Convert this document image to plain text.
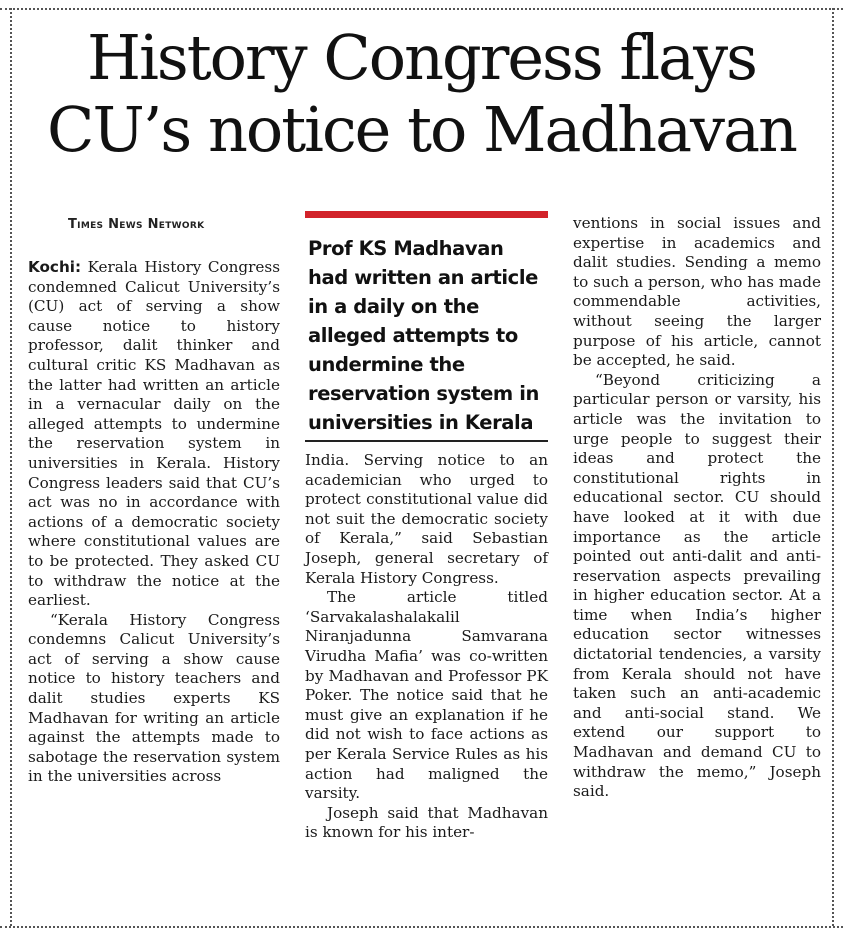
History Congress flays
CU’s notice to Madhavan
Times News Network

Kochi: Kerala History Congress condemned Calicut University’s (CU) act of serving a show cause notice to history professor, dalit thinker and cultural critic KS Madhavan as the latter had written an article in a vernacular daily on the alleged attempts to undermine the reservation system in universities in Kerala. History Congress leaders said that CU’s act was no in accordance with actions of a democratic society where constitutional values are to be protected. They asked CU to withdraw the notice at the earliest.

“Kerala History Congress condemns Calicut University’s act of serving a show cause notice to history teachers and dalit studies experts KS Madhavan for writing an article against the attempts made to sabotage the reservation system in the universities across

Prof KS Madhavan had written an article in a daily on the alleged attempts to undermine the reservation system in universities in Kerala

India. Serving notice to an academician who urged to protect constitutional value did not suit the democratic society of Kerala,” said Sebastian Joseph, general secretary of Kerala History Congress.

The article titled ‘Sarvakalashalakalil Niranjadunna Samvarana Virudha Mafia’ was co-written by Madhavan and Professor PK Poker. The notice said that he must give an explanation if he did not wish to face actions as per Kerala Service Rules as his action had maligned the varsity.

Joseph said that Madhavan is known for his inter-

ventions in social issues and expertise in academics and dalit studies. Sending a memo to such a person, who has made commendable activities, without seeing the larger purpose of his article, cannot be accepted, he said.

“Beyond criticizing a particular person or varsity, his article was the invitation to urge people to suggest their ideas and protect the constitutional rights in educational sector. CU should have looked at it with due importance as the article pointed out anti-dalit and anti-reservation aspects prevailing in higher education sector. At a time when India’s higher education sector witnesses dictatorial tendencies, a varsity from Kerala should not have taken such an anti-academic and anti-social stand. We extend our support to Madhavan and demand CU to withdraw the memo,” Joseph said.
